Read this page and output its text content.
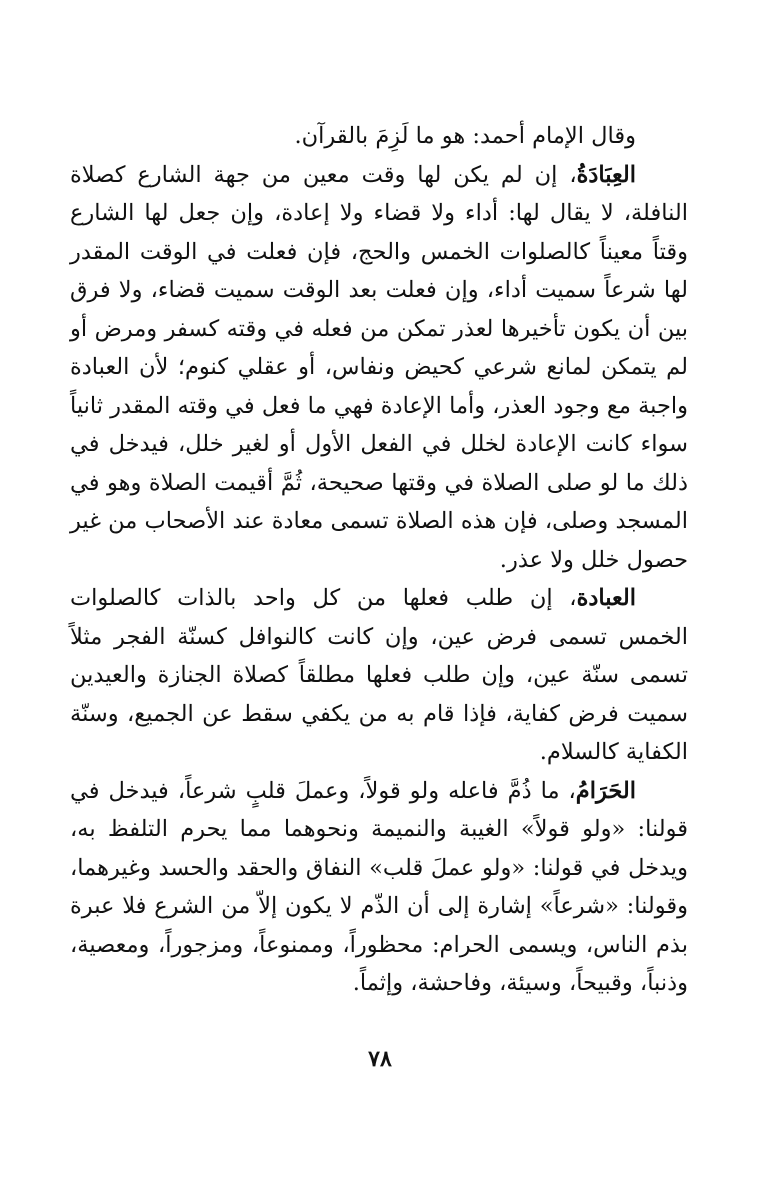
وقال الإمام أحمد: هو ما لَزِمَ بالقرآن.

العِبَادَةُ، إن لم يكن لها وقت معين من جهة الشارع كصلاة النافلة، لا يقال لها: أداء ولا قضاء ولا إعادة، وإن جعل لها الشارع وقتاً معيناً كالصلوات الخمس والحج، فإن فعلت في الوقت المقدر لها شرعاً سميت أداء، وإن فعلت بعد الوقت سميت قضاء، ولا فرق بين أن يكون تأخيرها لعذر تمكن من فعله في وقته كسفر ومرض أو لم يتمكن لمانع شرعي كحيض ونفاس، أو عقلي كنوم؛ لأن العبادة واجبة مع وجود العذر، وأما الإعادة فهي ما فعل في وقته المقدر ثانياً سواء كانت الإعادة لخلل في الفعل الأول أو لغير خلل، فيدخل في ذلك ما لو صلى الصلاة في وقتها صحيحة، ثُمَّ أقيمت الصلاة وهو في المسجد وصلى، فإن هذه الصلاة تسمى معادة عند الأصحاب من غير حصول خلل ولا عذر.

العبادة، إن طلب فعلها من كل واحد بالذات كالصلوات الخمس تسمى فرض عين، وإن كانت كالنوافل كسنّة الفجر مثلاً تسمى سنّة عين، وإن طلب فعلها مطلقاً كصلاة الجنازة والعيدين سميت فرض كفاية، فإذا قام به من يكفي سقط عن الجميع، وسنّة الكفاية كالسلام.

الحَرَامُ، ما ذُمَّ فاعله ولو قولاً، وعملَ قلبٍ شرعاً، فيدخل في قولنا: «ولو قولاً» الغيبة والنميمة ونحوهما مما يحرم التلفظ به، ويدخل في قولنا: «ولو عملَ قلب» النفاق والحقد والحسد وغيرهما، وقولنا: «شرعاً» إشارة إلى أن الذّم لا يكون إلاّ من الشرع فلا عبرة بذم الناس، ويسمى الحرام: محظوراً، وممنوعاً، ومزجوراً، ومعصية، وذنباً، وقبيحاً، وسيئة، وفاحشة، وإثماً.

٧٨
